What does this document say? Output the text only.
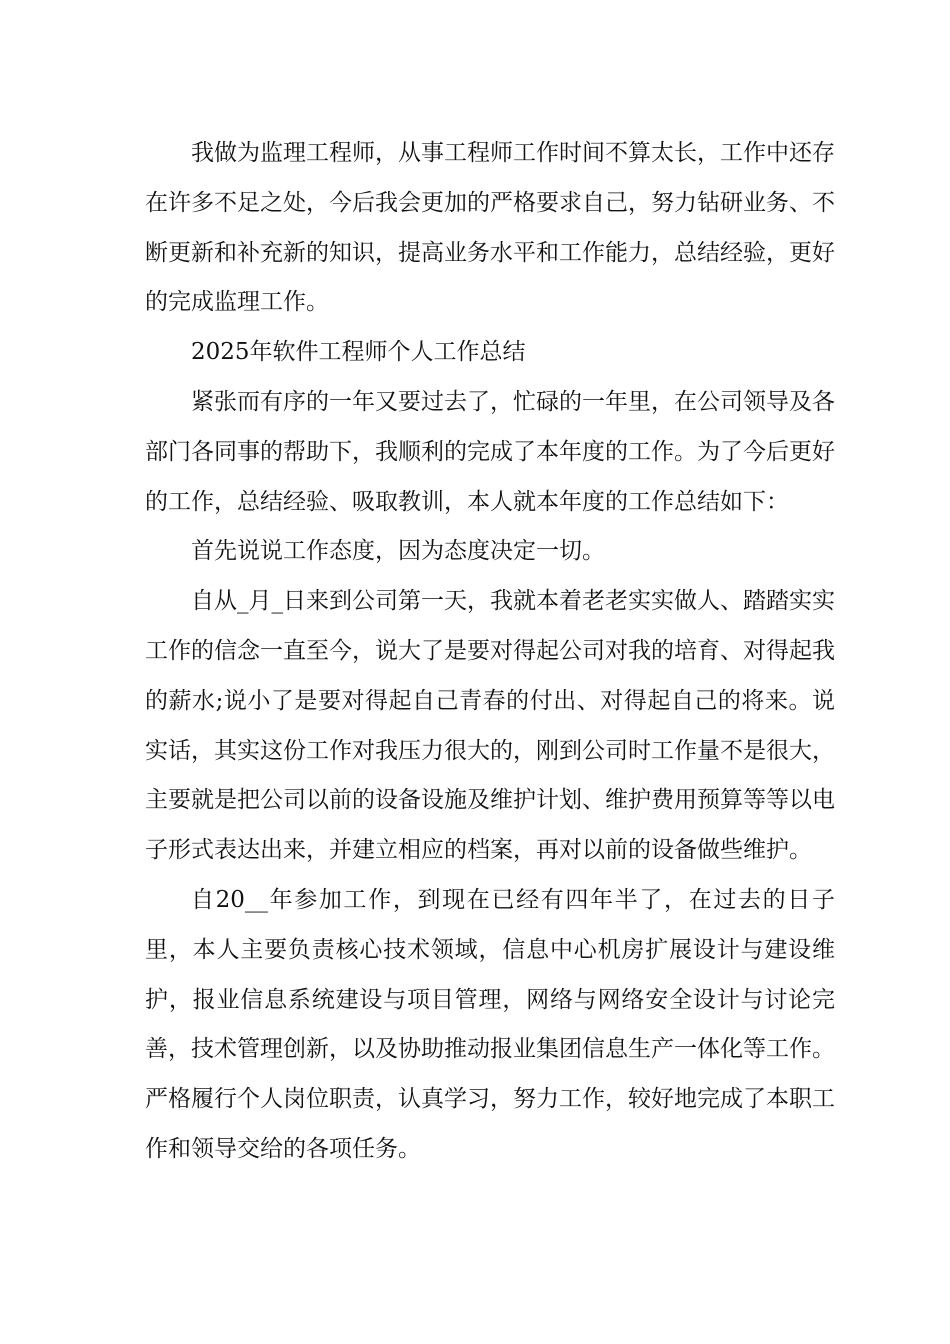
我做为监理工程师，从事工程师工作时间不算太长，工作中还存在许多不足之处，今后我会更加的严格要求自己，努力钻研业务、不断更新和补充新的知识，提高业务水平和工作能力，总结经验，更好的完成监理工作。

2025年软件工程师个人工作总结

紧张而有序的一年又要过去了，忙碌的一年里，在公司领导及各部门各同事的帮助下，我顺利的完成了本年度的工作。为了今后更好的工作，总结经验、吸取教训，本人就本年度的工作总结如下：

首先说说工作态度，因为态度决定一切。

自从_月_日来到公司第一天，我就本着老老实实做人、踏踏实实工作的信念一直至今，说大了是要对得起公司对我的培育、对得起我的薪水;说小了是要对得起自己青春的付出、对得起自己的将来。说实话，其实这份工作对我压力很大的，刚到公司时工作量不是很大，主要就是把公司以前的设备设施及维护计划、维护费用预算等等以电子形式表达出来，并建立相应的档案，再对以前的设备做些维护。

自20__年参加工作，到现在已经有四年半了，在过去的日子里，本人主要负责核心技术领域，信息中心机房扩展设计与建设维护，报业信息系统建设与项目管理，网络与网络安全设计与讨论完善，技术管理创新，以及协助推动报业集团信息生产一体化等工作。严格履行个人岗位职责，认真学习，努力工作，较好地完成了本职工作和领导交给的各项任务。
